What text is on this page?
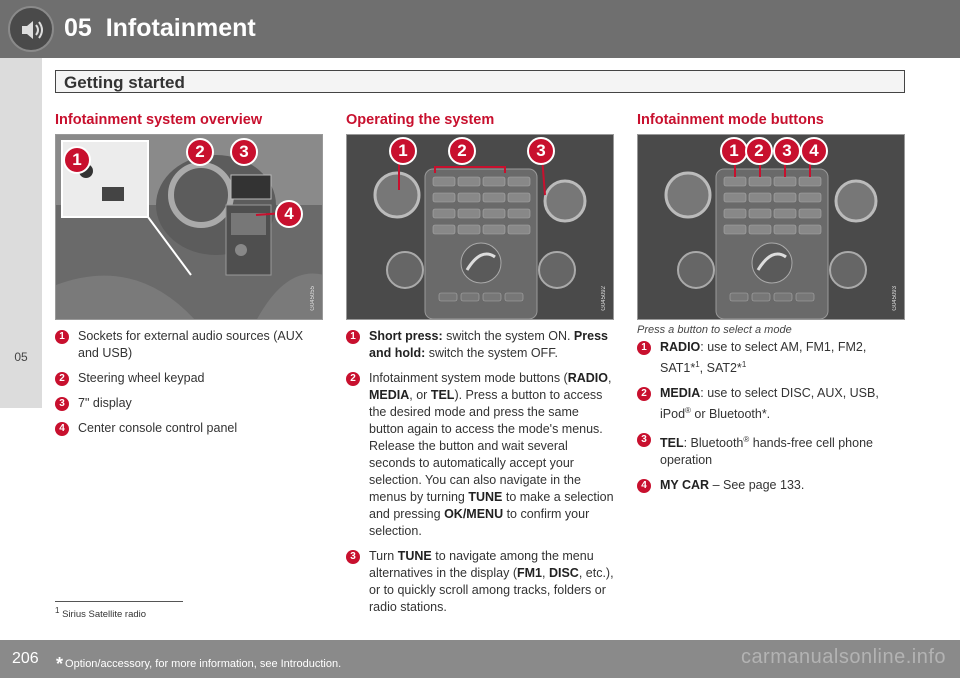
05 Infotainment
Getting started
05
Infotainment system overview
G045055
1	Sockets for external audio sources (AUX and USB)
2	Steering wheel keypad
3	7" display
4	Center console control panel
1	2	3
4
Operating the system
G045092
1	Short press: switch the system ON. Press and hold: switch the system OFF.
2	Infotainment system mode buttons (RADIO, MEDIA, or TEL). Press a button to access the desired mode and press the same button again to access the mode's menus. Release the button and wait several seconds to automatically accept your selection. You can also navigate in the menus by turning TUNE to make a selection and pressing OK/MENU to confirm your selection.
3	Turn TUNE to navigate among the menu alternatives in the display (FM1, DISC, etc.), or to quickly scroll among tracks, folders or radio stations.
1	2	3
Infotainment mode buttons
G045093
Press a button to select a mode
1	RADIO: use to select AM, FM1, FM2, SAT1*$^1$, SAT2*$^1$
2	MEDIA: use to select DISC, AUX, USB, iPod® or Bluetooth*.
3	TEL: Bluetooth® hands-free cell phone operation
4	MY CAR – See page 133.
1 2	3	4
$^1$ Sirius Satellite radio
206 * Option/accessory, for more information, see Introduction.	carmanualsonline.info
